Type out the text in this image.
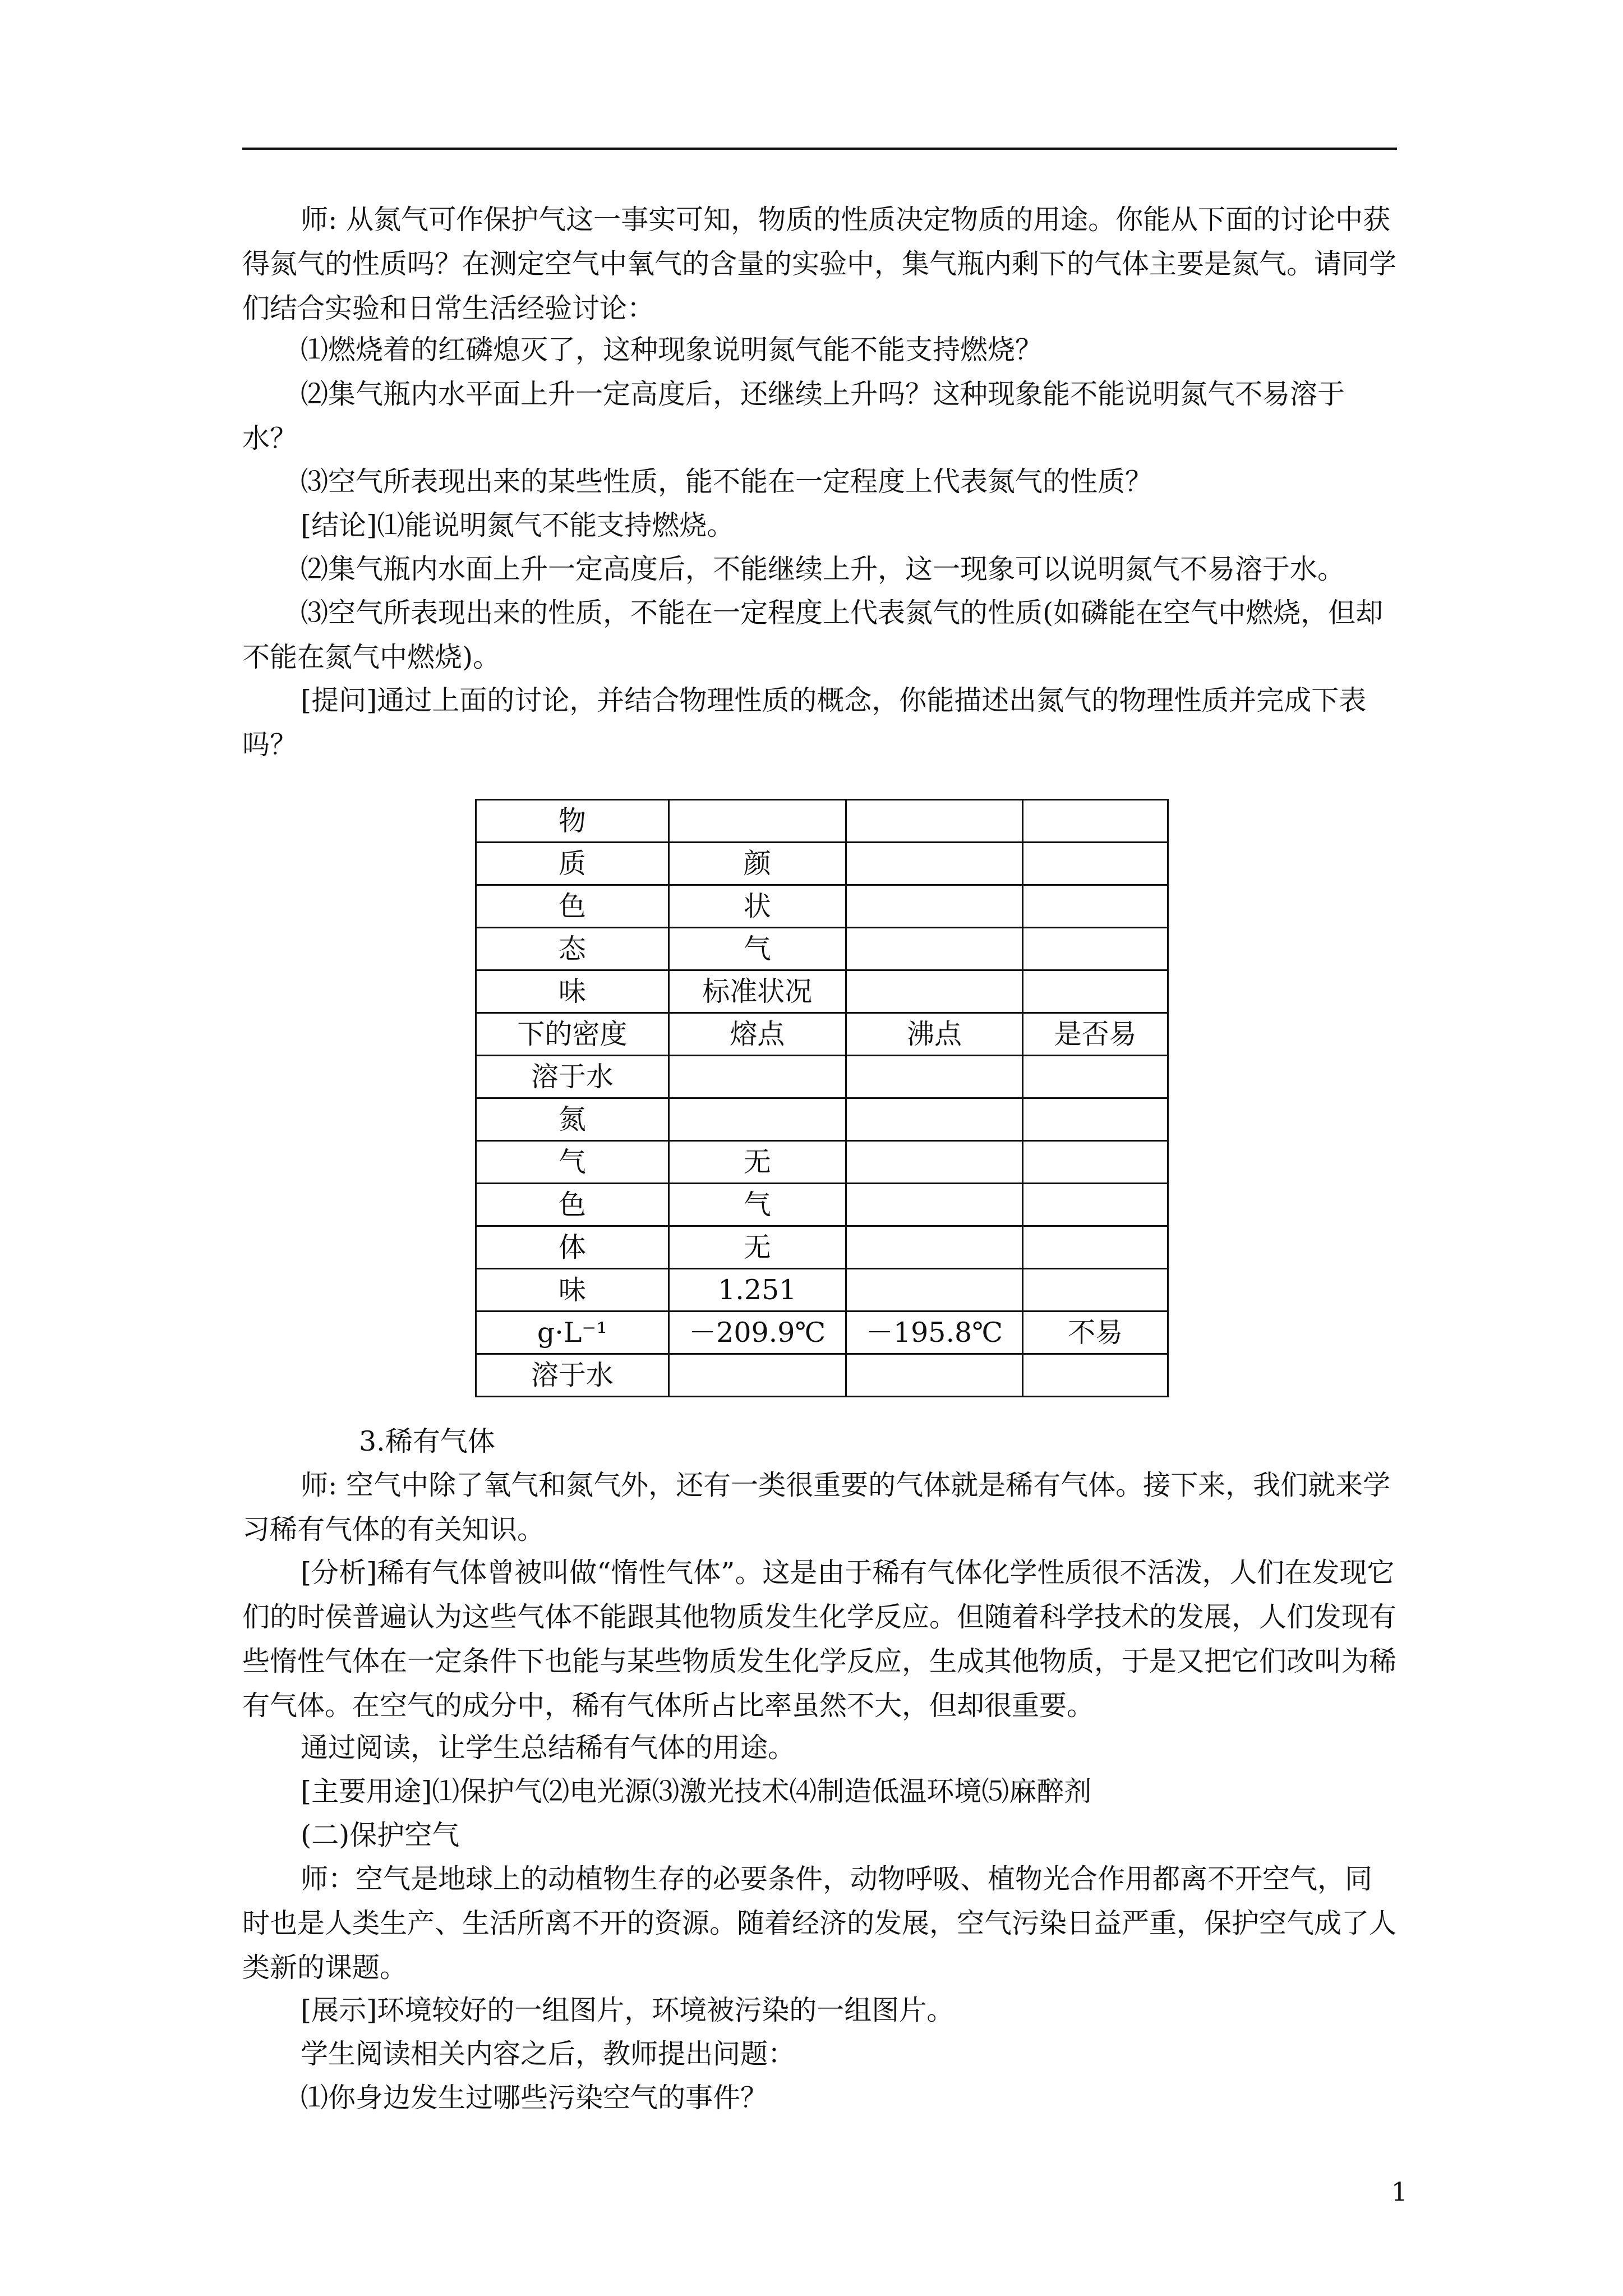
师: 从氮气可作保护气这一事实可知，物质的性质决定物质的用途。你能从下面的讨论中获得氮气的性质吗？在测定空气中氧气的含量的实验中，集气瓶内剩下的气体主要是氮气。请同学们结合实验和日常生活经验讨论：

⑴燃烧着的红磷熄灭了，这种现象说明氮气能不能支持燃烧？

⑵集气瓶内水平面上升一定高度后，还继续上升吗？这种现象能不能说明氮气不易溶于水？

⑶空气所表现出来的某些性质，能不能在一定程度上代表氮气的性质？

[结论]⑴能说明氮气不能支持燃烧。

⑵集气瓶内水面上升一定高度后，不能继续上升，这一现象可以说明氮气不易溶于水。

⑶空气所表现出来的性质，不能在一定程度上代表氮气的性质(如磷能在空气中燃烧，但却不能在氮气中燃烧)。

[提问]通过上面的讨论，并结合物理性质的概念，你能描述出氮气的物理性质并完成下表吗？

物			
质	颜		
色	状		
态	气		
味	标准状况		
下的密度	熔点	沸点	是否易
溶于水			
氮			
气	无		
色	气		
体	无		
味	1.251		
g·L⁻¹	－209.9℃	－195.8℃	不易
溶于水			

3.稀有气体

师: 空气中除了氧气和氮气外，还有一类很重要的气体就是稀有气体。接下来，我们就来学习稀有气体的有关知识。

[分析]稀有气体曾被叫做“惰性气体”。这是由于稀有气体化学性质很不活泼，人们在发现它们的时侯普遍认为这些气体不能跟其他物质发生化学反应。但随着科学技术的发展，人们发现有些惰性气体在一定条件下也能与某些物质发生化学反应，生成其他物质，于是又把它们改叫为稀有气体。在空气的成分中，稀有气体所占比率虽然不大，但却很重要。

通过阅读，让学生总结稀有气体的用途。

[主要用途]⑴保护气⑵电光源⑶激光技术⑷制造低温环境⑸麻醉剂

(二)保护空气

师：空气是地球上的动植物生存的必要条件，动物呼吸、植物光合作用都离不开空气，同时也是人类生产、生活所离不开的资源。随着经济的发展，空气污染日益严重，保护空气成了人类新的课题。

[展示]环境较好的一组图片，环境被污染的一组图片。

学生阅读相关内容之后，教师提出问题：

⑴你身边发生过哪些污染空气的事件？

1
